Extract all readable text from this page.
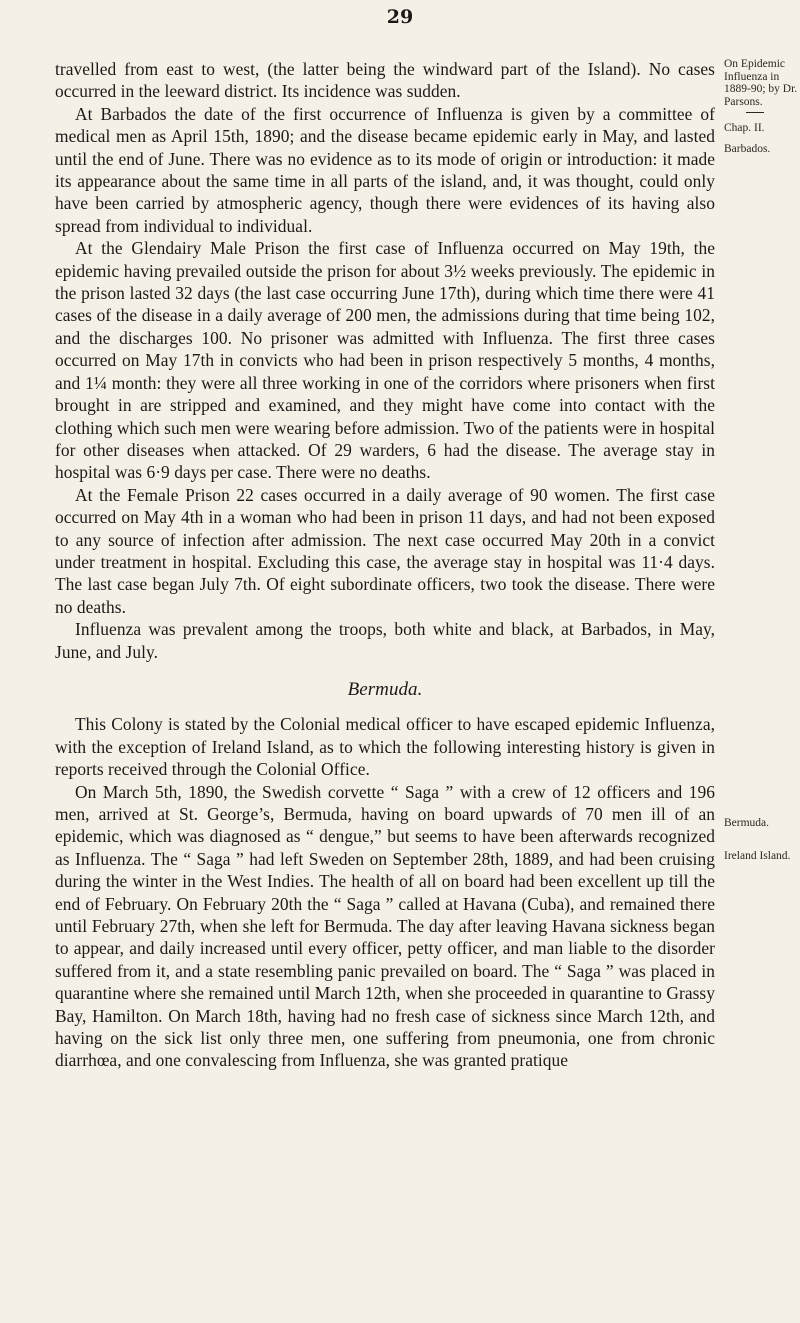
29
On Epidemic Influenza in 1889-90; by Dr. Parsons.
Chap. II.
Barbados.
Bermuda.
Ireland Island.

travelled from east to west, (the latter being the windward part of the Island). No cases occurred in the leeward district. Its incidence was sudden.

At Barbados the date of the first occurrence of Influenza is given by a committee of medical men as April 15th, 1890; and the disease became epidemic early in May, and lasted until the end of June. There was no evidence as to its mode of origin or introduction: it made its appearance about the same time in all parts of the island, and, it was thought, could only have been carried by atmospheric agency, though there were evidences of its having also spread from individual to individual.

At the Glendairy Male Prison the first case of Influenza occurred on May 19th, the epidemic having prevailed outside the prison for about 3½ weeks previously. The epidemic in the prison lasted 32 days (the last case occurring June 17th), during which time there were 41 cases of the disease in a daily average of 200 men, the admissions during that time being 102, and the discharges 100. No prisoner was admitted with Influenza. The first three cases occurred on May 17th in convicts who had been in prison respectively 5 months, 4 months, and 1¼ month: they were all three working in one of the corridors where prisoners when first brought in are stripped and examined, and they might have come into contact with the clothing which such men were wearing before admission. Two of the patients were in hospital for other diseases when attacked. Of 29 warders, 6 had the disease. The average stay in hospital was 6·9 days per case. There were no deaths.

At the Female Prison 22 cases occurred in a daily average of 90 women. The first case occurred on May 4th in a woman who had been in prison 11 days, and had not been exposed to any source of infection after admission. The next case occurred May 20th in a convict under treatment in hospital. Excluding this case, the average stay in hospital was 11·4 days. The last case began July 7th. Of eight subordinate officers, two took the disease. There were no deaths.

Influenza was prevalent among the troops, both white and black, at Barbados, in May, June, and July.

Bermuda.

This Colony is stated by the Colonial medical officer to have escaped epidemic Influenza, with the exception of Ireland Island, as to which the following interesting history is given in reports received through the Colonial Office.

On March 5th, 1890, the Swedish corvette “ Saga ” with a crew of 12 officers and 196 men, arrived at St. George’s, Bermuda, having on board upwards of 70 men ill of an epidemic, which was diagnosed as “ dengue,” but seems to have been afterwards recognized as Influenza. The “ Saga ” had left Sweden on September 28th, 1889, and had been cruising during the winter in the West Indies. The health of all on board had been excellent up till the end of February. On February 20th the “ Saga ” called at Havana (Cuba), and remained there until February 27th, when she left for Bermuda. The day after leaving Havana sickness began to appear, and daily increased until every officer, petty officer, and man liable to the disorder suffered from it, and a state resembling panic prevailed on board. The “ Saga ” was placed in quarantine where she remained until March 12th, when she proceeded in quarantine to Grassy Bay, Hamilton. On March 18th, having had no fresh case of sickness since March 12th, and having on the sick list only three men, one suffering from pneumonia, one from chronic diarrhœa, and one convalescing from Influenza, she was granted pratique
